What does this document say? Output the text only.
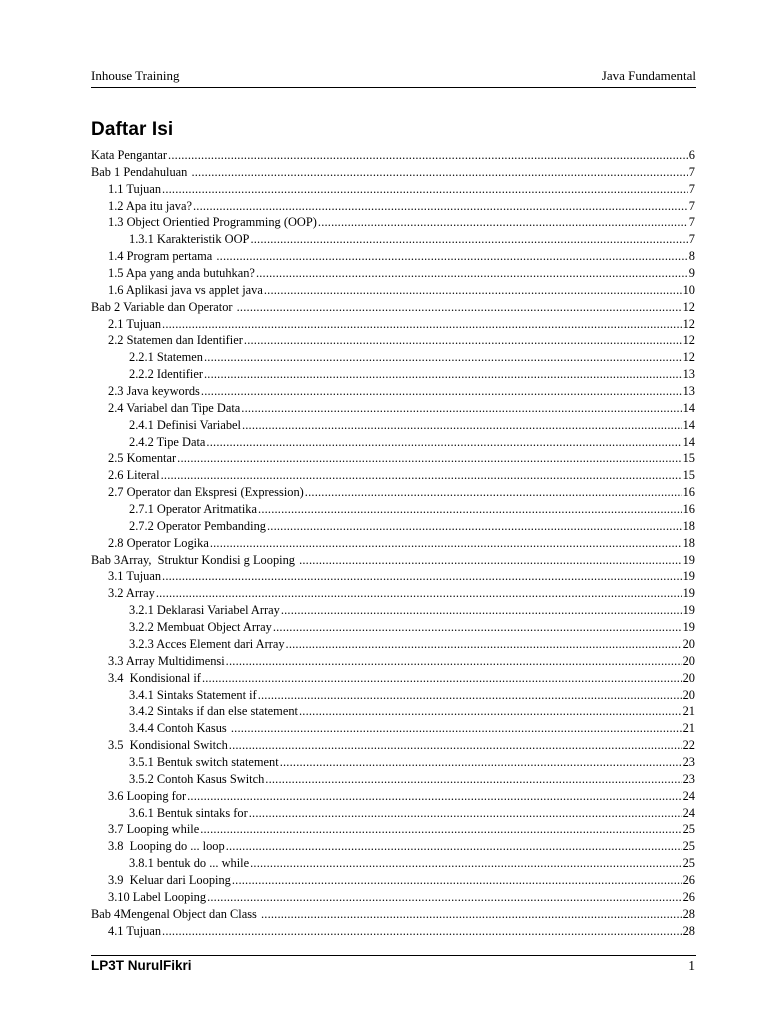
Inhouse Training	Java Fundamental
Daftar Isi
Kata Pengantar .....	6
Bab 1 Pendahuluan .....	7
1.1 Tujuan .....	7
1.2 Apa itu java? .....	7
1.3 Object Orientied Programming (OOP) .....	7
1.3.1 Karakteristik OOP .....	7
1.4 Program pertama .....	8
1.5 Apa yang anda butuhkan? .....	9
1.6 Aplikasi java vs applet java .....	10
Bab 2 Variable dan Operator .....	12
2.1 Tujuan .....	12
2.2 Statemen dan Identifier .....	12
2.2.1 Statemen .....	12
2.2.2 Identifier .....	13
2.3 Java keywords .....	13
2.4 Variabel dan Tipe Data .....	14
2.4.1 Definisi Variabel .....	14
2.4.2 Tipe Data .....	14
2.5 Komentar .....	15
2.6 Literal .....	15
2.7 Operator dan Ekspresi (Expression) .....	16
2.7.1 Operator Aritmatika .....	16
2.7.2 Operator Pembanding .....	18
2.8 Operator Logika .....	18
Bab 3Array,  Struktur Kondisi g Looping .....	19
3.1 Tujuan .....	19
3.2 Array .....	19
3.2.1 Deklarasi Variabel Array .....	19
3.2.2 Membuat Object Array .....	19
3.2.3 Acces Element dari Array .....	20
3.3 Array Multidimensi .....	20
3.4  Kondisional if .....	20
3.4.1 Sintaks Statement if .....	20
3.4.2 Sintaks if dan else statement .....	21
3.4.4 Contoh Kasus .....	21
3.5  Kondisional Switch .....	22
3.5.1 Bentuk switch statement .....	23
3.5.2 Contoh Kasus Switch .....	23
3.6 Looping for .....	24
3.6.1 Bentuk sintaks for .....	24
3.7 Looping while .....	25
3.8  Looping do ... loop .....	25
3.8.1 bentuk do ... while .....	25
3.9  Keluar dari Looping .....	26
3.10 Label Looping .....	26
Bab 4Mengenal Object dan Class .....	28
4.1 Tujuan .....	28
LP3T NurulFikri	1
